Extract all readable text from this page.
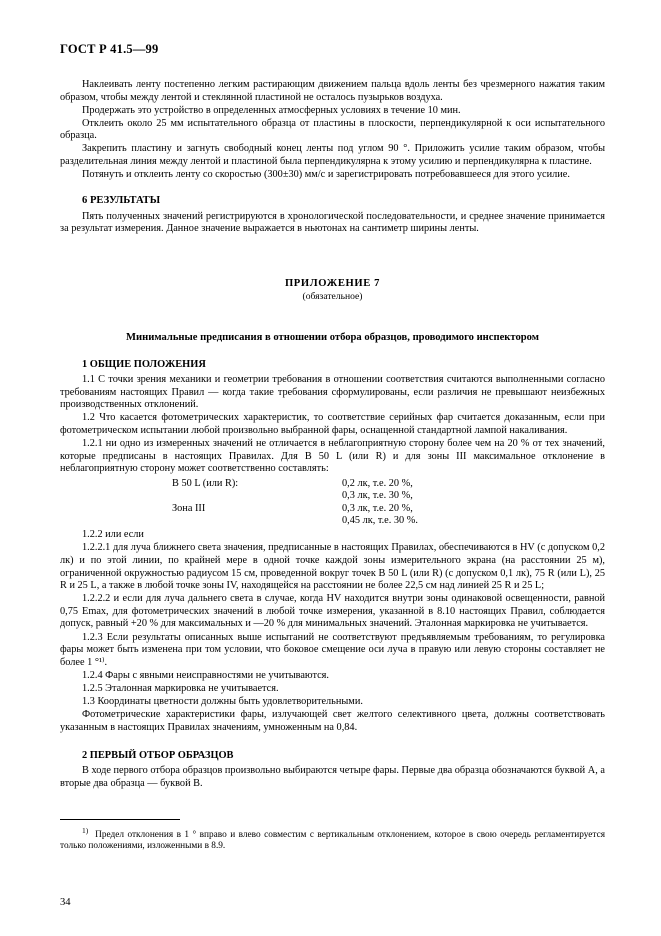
ГОСТ Р 41.5—99

Наклеивать ленту постепенно легким растирающим движением пальца вдоль ленты без чрезмерного нажатия таким образом, чтобы между лентой и стеклянной пластиной не осталось пузырьков воздуха.

Продержать это устройство в определенных атмосферных условиях в течение 10 мин.

Отклеить около 25 мм испытательного образца от пластины в плоскости, перпендикулярной к оси испытательного образца.

Закрепить пластину и загнуть свободный конец ленты под углом 90 °. Приложить усилие таким образом, чтобы разделительная линия между лентой и пластиной была перпендикулярна к этому усилию и перпендикулярна к пластине.

Потянуть и отклеить ленту со скоростью (300±30) мм/с и зарегистрировать потребовавшееся для этого усилие.

6 РЕЗУЛЬТАТЫ

Пять полученных значений регистрируются в хронологической последовательности, и среднее значение принимается за результат измерения. Данное значение выражается в ньютонах на сантиметр ширины ленты.

ПРИЛОЖЕНИЕ 7

(обязательное)

Минимальные предписания в отношении отбора образцов, проводимого инспектором

1 ОБЩИЕ ПОЛОЖЕНИЯ

1.1 С точки зрения механики и геометрии требования в отношении соответствия считаются выполненными согласно требованиям настоящих Правил — когда такие требования сформулированы, если различия не превышают неизбежных производственных отклонений.

1.2 Что касается фотометрических характеристик, то соответствие серийных фар считается доказанным, если при фотометрическом испытании любой произвольно выбранной фары, оснащенной стандартной лампой накаливания.

1.2.1 ни одно из измеренных значений не отличается в неблагоприятную сторону более чем на 20 % от тех значений, которые предписаны в настоящих Правилах. Для В 50 L (или R) и для зоны III максимальное отклонение в неблагоприятную сторону может соответственно составлять:

В 50 L (или R):	0,2 лк, т.е. 20 %,
	0,3 лк, т.е. 30 %,
Зона III	0,3 лк, т.е. 20 %,
	0,45 лк, т.е. 30 %.

1.2.2 или если

1.2.2.1 для луча ближнего света значения, предписанные в настоящих Правилах, обеспечиваются в HV (с допуском 0,2 лк) и по этой линии, по крайней мере в одной точке каждой зоны измерительного экрана (на расстоянии 25 м), ограниченной окружностью радиусом 15 см, проведенной вокруг точек В 50 L (или R) (с допуском 0,1 лк), 75 R (или L), 25 R и 25 L, а также в любой точке зоны IV, находящейся на расстоянии не более 22,5 см над линией 25 R и 25 L;

1.2.2.2 и если для луча дальнего света в случае, когда HV находится внутри зоны одинаковой освещенности, равной 0,75 Еmax, для фотометрических значений в любой точке измерения, указанной в 8.10 настоящих Правил, соблюдается допуск, равный +20 % для максимальных и —20 % для минимальных значений. Эталонная маркировка не учитывается.

1.2.3 Если результаты описанных выше испытаний не соответствуют предъявляемым требованиям, то регулировка фары может быть изменена при том условии, что боковое смещение оси луча в правую или левую стороны составляет не более 1 °¹⁾.

1.2.4 Фары с явными неисправностями не учитываются.

1.2.5 Эталонная маркировка не учитывается.

1.3 Координаты цветности должны быть удовлетворительными.

Фотометрические характеристики фары, излучающей свет желтого селективного цвета, должны соответствовать указанным в настоящих Правилах значениям, умноженным на 0,84.

2 ПЕРВЫЙ ОТБОР ОБРАЗЦОВ

В ходе первого отбора образцов произвольно выбираются четыре фары. Первые два образца обозначаются буквой А, а вторые два образца — буквой В.

$^{1)}$ Предел отклонения в 1 ° вправо и влево совместим с вертикальным отклонением, которое в свою очередь регламентируется только положениями, изложенными в 8.9.

34
